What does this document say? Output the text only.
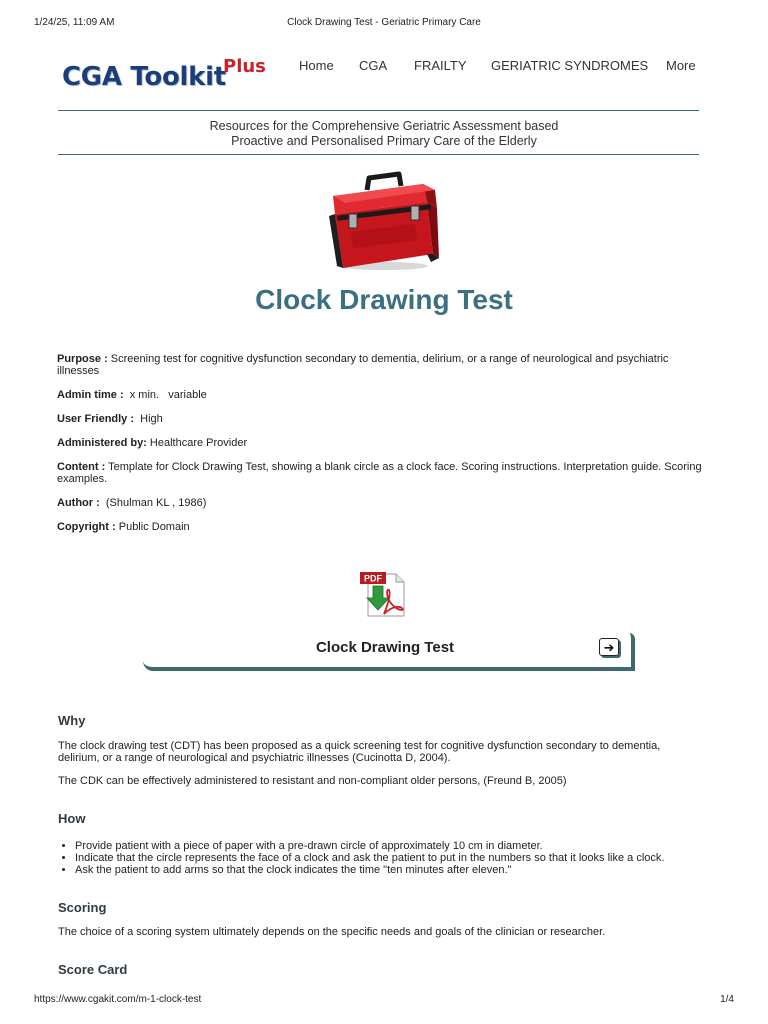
1/24/25, 11:09 AM	Clock Drawing Test - Geriatric Primary Care
CGA Toolkit
Plus	Home CGA FRAILTY GERIATRIC SYNDROMES More
Resources for the Comprehensive Geriatric Assessment based
Proactive and Personalised Primary Care of the Elderly
Clock Drawing Test
Purpose : Screening test for cognitive dysfunction secondary to dementia, delirium, or a range of neurological and psychiatric illnesses
Admin time : x min.   variable
User Friendly : High
Administered by: Healthcare Provider
Content : Template for Clock Drawing Test, showing a blank circle as a clock face. Scoring instructions. Interpretation guide. Scoring examples.
Author : (Shulman KL , 1986)
Copyright : Public Domain
PDF
Clock Drawing Test	➜
Why
The clock drawing test (CDT) has been proposed as a quick screening test for cognitive dysfunction secondary to dementia, delirium, or a range of neurological and psychiatric illnesses (Cucinotta D, 2004).
The CDK can be effectively administered to resistant and non-compliant older persons, (Freund B, 2005)
How
• Provide patient with a piece of paper with a pre-drawn circle of approximately 10 cm in diameter.
• Indicate that the circle represents the face of a clock and ask the patient to put in the numbers so that it looks like a clock.
• Ask the patient to add arms so that the clock indicates the time "ten minutes after eleven."
Scoring
The choice of a scoring system ultimately depends on the specific needs and goals of the clinician or researcher.
Score Card
https://www.cgakit.com/m-1-clock-test	1/4
